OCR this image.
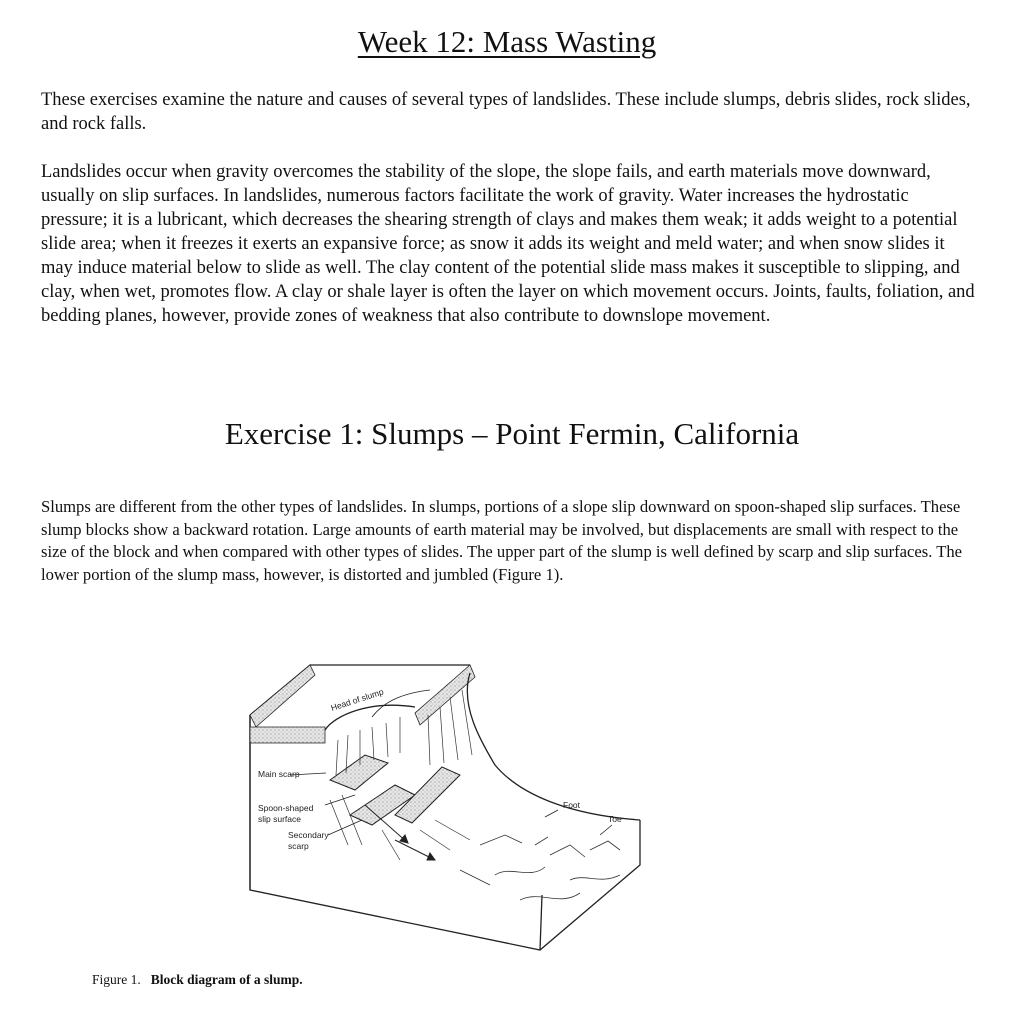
Week 12: Mass Wasting

These exercises examine the nature and causes of several types of landslides. These include slumps, debris slides, rock slides, and rock falls.

Landslides occur when gravity overcomes the stability of the slope, the slope fails, and earth materials move downward, usually on slip surfaces. In landslides, numerous factors facilitate the work of gravity. Water increases the hydrostatic pressure; it is a lubricant, which decreases the shearing strength of clays and makes them weak; it adds weight to a potential slide area; when it freezes it exerts an expansive force; as snow it adds its weight and meld water; and when snow slides it may induce material below to slide as well. The clay content of the potential slide mass makes it susceptible to slipping, and clay, when wet, promotes flow. A clay or shale layer is often the layer on which movement occurs. Joints, faults, foliation, and bedding planes, however, provide zones of weakness that also contribute to downslope movement.

Exercise 1: Slumps – Point Fermin, California

Slumps are different from the other types of landslides. In slumps, portions of a slope slip downward on spoon-shaped slip surfaces. These slump blocks show a backward rotation. Large amounts of earth material may be involved, but displacements are small with respect to the size of the block and when compared with other types of slides. The upper part of the slump is well defined by scarp and slip surfaces. The lower portion of the slump mass, however, is distorted and jumbled (Figure 1).

Head of slump
Main scarp
Spoon-shaped
slip surface
Secondary
scarp
Foot
Toe
Figure 1. Block diagram of a slump.
